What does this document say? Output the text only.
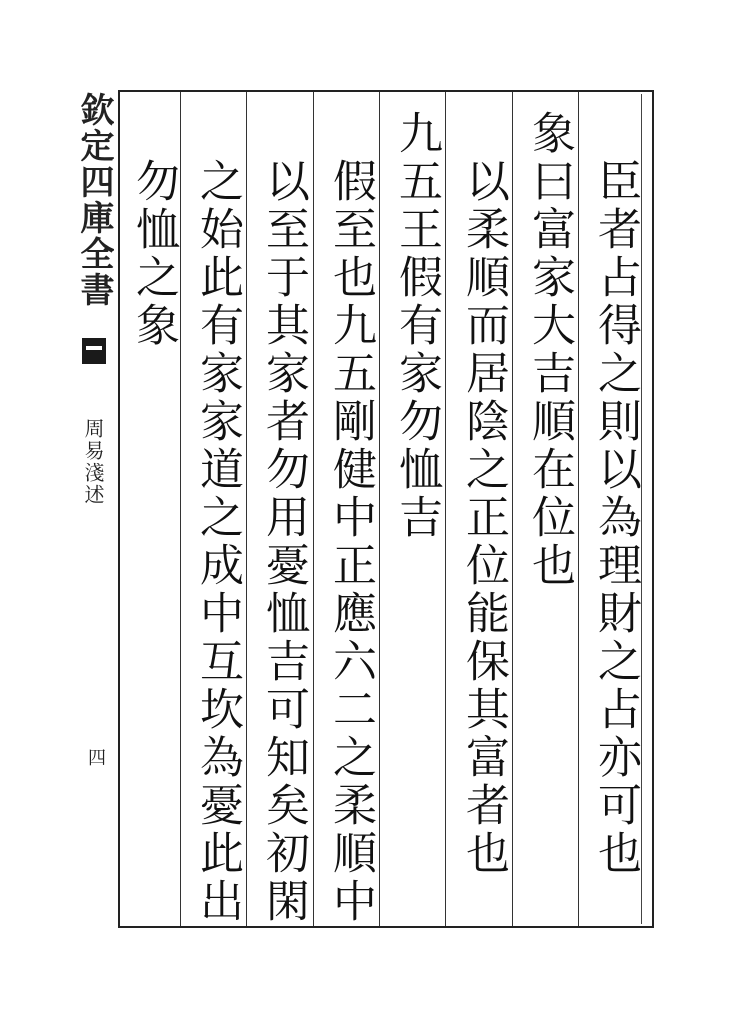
欽定四庫全書
周易淺述
四	臣者占得之則以為理財之占亦可也
象曰富家大吉順在位也
以柔順而居陰之正位能保其富者也
九五王假有家勿恤吉
假至也九五剛健中正應六二之柔順中
以至于其家者勿用憂恤吉可知矣初閑
之始此有家家道之成中互坎為憂此出
勿恤之象
